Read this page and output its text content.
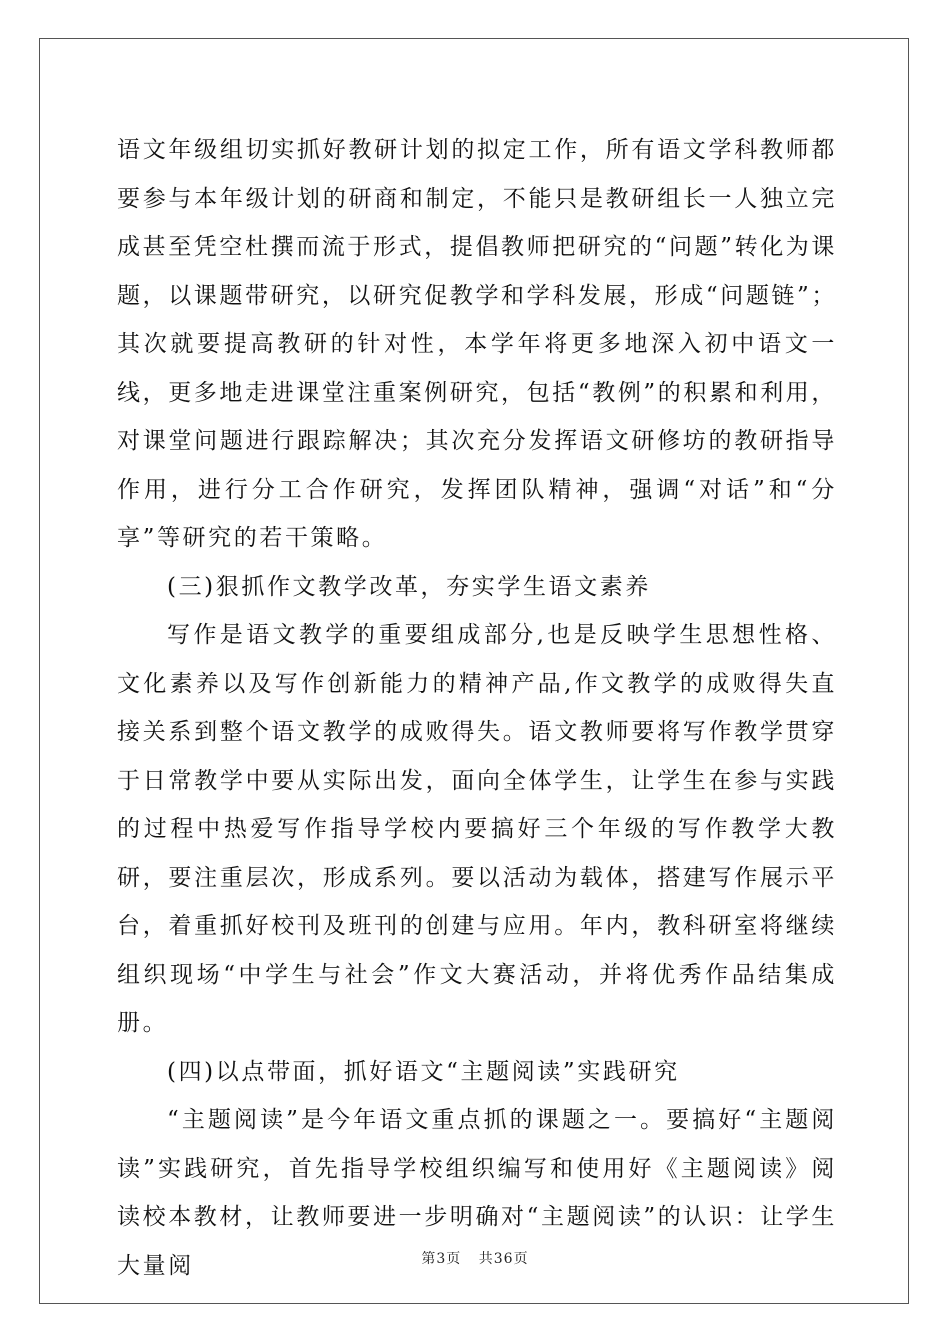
语文年级组切实抓好教研计划的拟定工作，所有语文学科教师都要参与本年级计划的研商和制定，不能只是教研组长一人独立完成甚至凭空杜撰而流于形式，提倡教师把研究的“问题”转化为课题，以课题带研究，以研究促教学和学科发展，形成“问题链”；其次就要提高教研的针对性，本学年将更多地深入初中语文一线，更多地走进课堂注重案例研究，包括“教例”的积累和利用，对课堂问题进行跟踪解决；其次充分发挥语文研修坊的教研指导作用，进行分工合作研究，发挥团队精神，强调“对话”和“分享”等研究的若干策略。

(三)狠抓作文教学改革，夯实学生语文素养

写作是语文教学的重要组成部分,也是反映学生思想性格、文化素养以及写作创新能力的精神产品,作文教学的成败得失直接关系到整个语文教学的成败得失。语文教师要将写作教学贯穿于日常教学中要从实际出发，面向全体学生，让学生在参与实践的过程中热爱写作指导学校内要搞好三个年级的写作教学大教研，要注重层次，形成系列。要以活动为载体，搭建写作展示平台，着重抓好校刊及班刊的创建与应用。年内，教科研室将继续组织现场“中学生与社会”作文大赛活动，并将优秀作品结集成册。

(四)以点带面，抓好语文“主题阅读”实践研究

“主题阅读”是今年语文重点抓的课题之一。要搞好“主题阅读”实践研究，首先指导学校组织编写和使用好《主题阅读》阅读校本教材，让教师要进一步明确对“主题阅读”的认识：让学生大量阅	第3页 共36页
